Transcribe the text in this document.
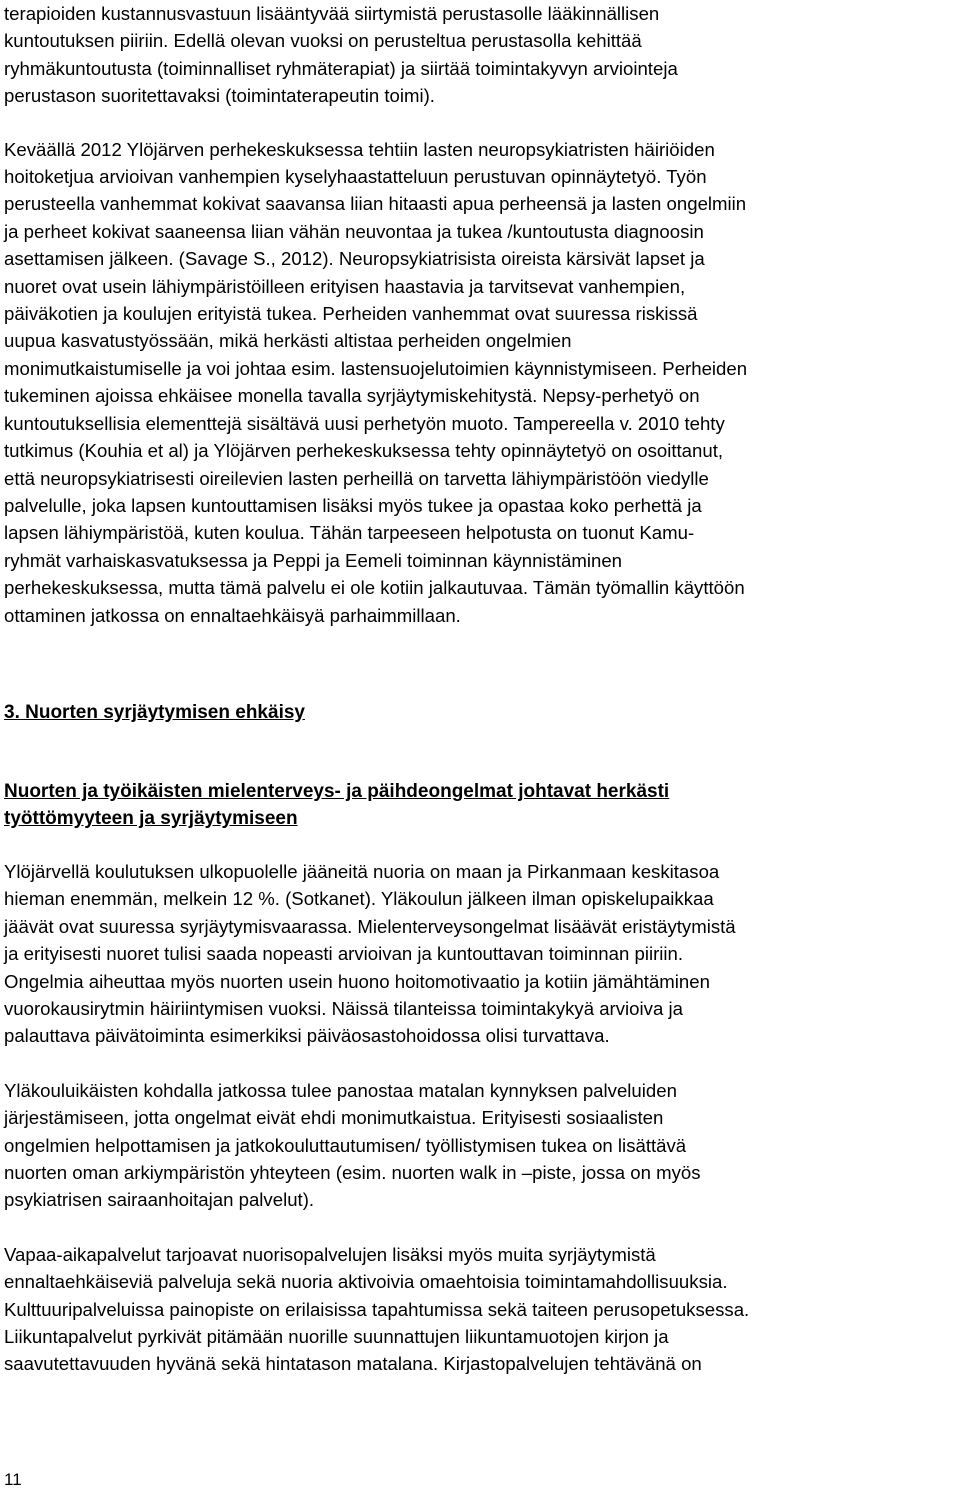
terapioiden kustannusvastuun lisääntyvää siirtymistä perustasolle lääkinnällisen
kuntoutuksen piiriin. Edellä olevan vuoksi on perusteltua perustasolla kehittää
ryhmäkuntoutusta (toiminnalliset ryhmäterapiat) ja siirtää toimintakyvyn arviointeja
perustason suoritettavaksi (toimintaterapeutin toimi).

Keväällä 2012 Ylöjärven perhekeskuksessa tehtiin lasten neuropsykiatristen häiriöiden
hoitoketjua arvioivan vanhempien kyselyhaastatteluun perustuvan opinnäytetyö. Työn
perusteella vanhemmat kokivat saavansa liian hitaasti apua perheensä ja lasten ongelmiin
ja perheet kokivat saaneensa liian vähän neuvontaa ja tukea /kuntoutusta diagnoosin
asettamisen jälkeen. (Savage S., 2012). Neuropsykiatrisista oireista kärsivät lapset ja
nuoret ovat usein lähiympäristöilleen erityisen haastavia ja tarvitsevat vanhempien,
päiväkotien ja koulujen erityistä tukea. Perheiden vanhemmat ovat suuressa riskissä
uupua kasvatustyössään, mikä herkästi altistaa perheiden ongelmien
monimutkaistumiselle ja voi johtaa esim. lastensuojelutoimien käynnistymiseen. Perheiden
tukeminen ajoissa ehkäisee monella tavalla syrjäytymiskehitystä. Nepsy-perhetyö on
kuntoutuksellisia elementtejä sisältävä uusi perhetyön muoto. Tampereella v. 2010 tehty
tutkimus (Kouhia et al) ja Ylöjärven perhekeskuksessa tehty opinnäytetyö on osoittanut,
että neuropsykiatrisesti oireilevien lasten perheillä on tarvetta lähiympäristöön viedylle
palvelulle, joka lapsen kuntouttamisen lisäksi myös tukee ja opastaa koko perhettä ja
lapsen lähiympäristöä, kuten koulua. Tähän tarpeeseen helpotusta on tuonut Kamu-
ryhmät varhaiskasvatuksessa ja Peppi ja Eemeli toiminnan käynnistäminen
perhekeskuksessa, mutta tämä palvelu ei ole kotiin jalkautuvaa. Tämän työmallin käyttöön
ottaminen jatkossa on ennaltaehkäisyä parhaimmillaan.

3. Nuorten syrjäytymisen ehkäisy
Nuorten ja työikäisten mielenterveys- ja päihdeongelmat johtavat herkästi
työttömyyteen ja syrjäytymiseen

Ylöjärvellä koulutuksen ulkopuolelle jääneitä nuoria on maan ja Pirkanmaan keskitasoa
hieman enemmän, melkein 12 %. (Sotkanet). Yläkoulun jälkeen ilman opiskelupaikkaa
jäävät ovat suuressa syrjäytymisvaarassa. Mielenterveysongelmat lisäävät eristäytymistä
ja erityisesti nuoret tulisi saada nopeasti arvioivan ja kuntouttavan toiminnan piiriin.
Ongelmia aiheuttaa myös nuorten usein huono hoitomotivaatio ja kotiin jämähtäminen
vuorokausirytmin häiriintymisen vuoksi. Näissä tilanteissa toimintakykyä arvioiva ja
palauttava päivätoiminta esimerkiksi päiväosastohoidossa olisi turvattava.

Yläkouluikäisten kohdalla jatkossa tulee panostaa matalan kynnyksen palveluiden
järjestämiseen, jotta ongelmat eivät ehdi monimutkaistua. Erityisesti sosiaalisten
ongelmien helpottamisen ja jatkokouluttautumisen/ työllistymisen tukea on lisättävä
nuorten oman arkiympäristön yhteyteen (esim. nuorten walk in –piste, jossa on myös
psykiatrisen sairaanhoitajan palvelut).

Vapaa-aikapalvelut tarjoavat nuorisopalvelujen lisäksi myös muita syrjäytymistä
ennaltaehkäiseviä palveluja sekä nuoria aktivoivia omaehtoisia toimintamahdollisuuksia.
Kulttuuripalveluissa painopiste on erilaisissa tapahtumissa sekä taiteen perusopetuksessa.
Liikuntapalvelut pyrkivät pitämään nuorille suunnattujen liikuntamuotojen kirjon ja
saavutettavuuden hyvänä sekä hintatason matalana. Kirjastopalvelujen tehtävänä on

11
